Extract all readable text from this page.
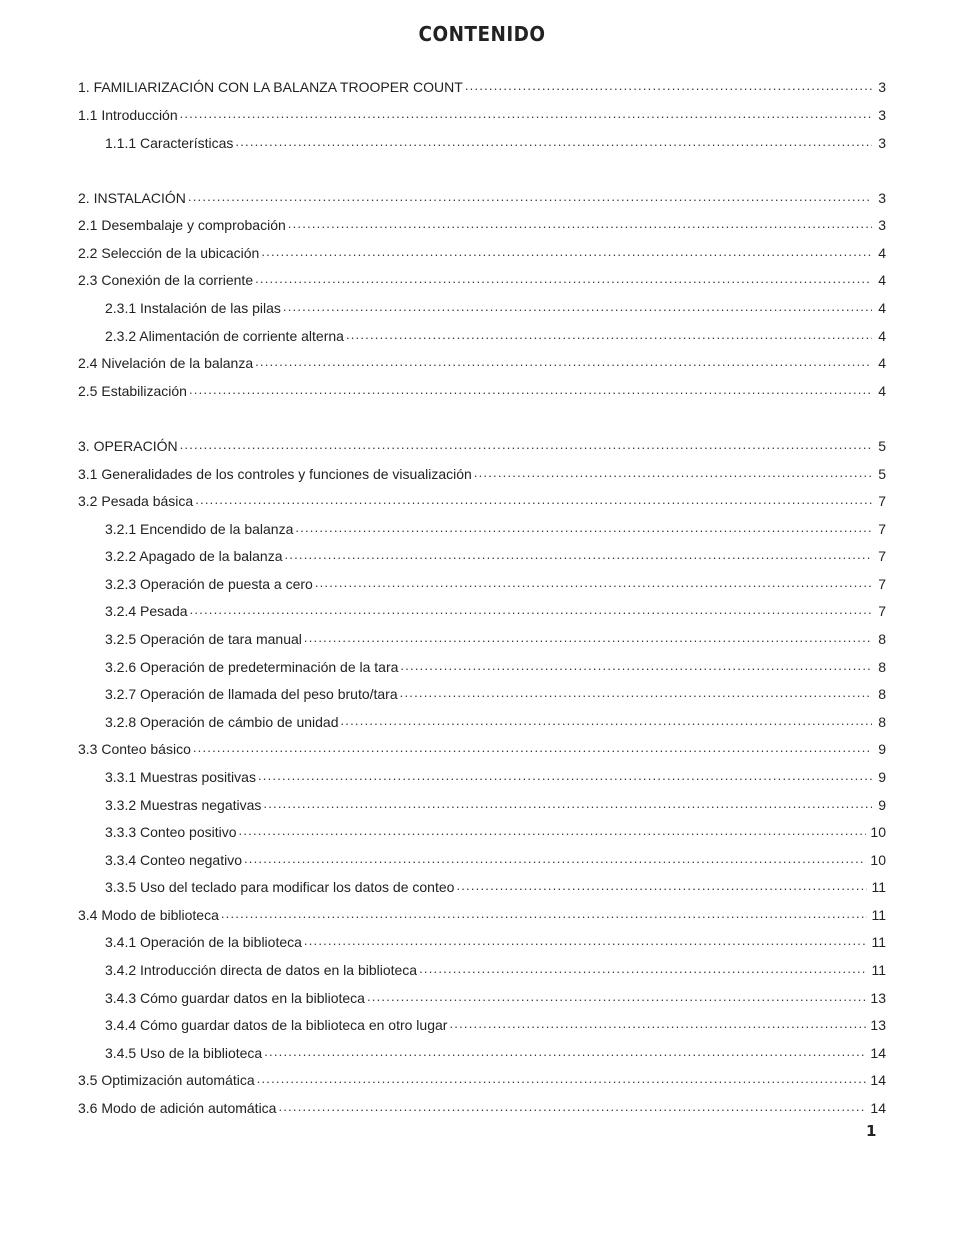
CONTENIDO
1. FAMILIARIZACIÓN CON LA BALANZA TROOPER COUNT .....	3
1.1 Introducción .....	3
1.1.1 Características .....	3
2. INSTALACIÓN .....	3
2.1 Desembalaje y comprobación .....	3
2.2 Selección de la ubicación .....	4
2.3 Conexión de la corriente .....	4
2.3.1 Instalación de las pilas .....	4
2.3.2 Alimentación de corriente alterna .....	4
2.4 Nivelación de la balanza .....	4
2.5 Estabilización .....	4
3. OPERACIÓN .....	5
3.1 Generalidades de los controles y funciones de visualización .....	5
3.2 Pesada básica .....	7
3.2.1 Encendido de la balanza .....	7
3.2.2 Apagado de la balanza .....	7
3.2.3 Operación de puesta a cero .....	7
3.2.4 Pesada .....	7
3.2.5 Operación de tara manual .....	8
3.2.6 Operación de predeterminación de la tara .....	8
3.2.7 Operación de llamada del peso bruto/tara .....	8
3.2.8 Operación de cámbio de unidad .....	8
3.3 Conteo básico .....	9
3.3.1 Muestras positivas .....	9
3.3.2 Muestras negativas .....	9
3.3.3 Conteo positivo .....	10
3.3.4 Conteo negativo .....	10
3.3.5 Uso del teclado para modificar los datos de conteo .....	11
3.4 Modo de biblioteca .....	11
3.4.1 Operación de la biblioteca .....	11
3.4.2 Introducción directa de datos en la biblioteca .....	11
3.4.3 Cómo guardar datos en la biblioteca .....	13
3.4.4 Cómo guardar datos de la biblioteca en otro lugar .....	13
3.4.5 Uso de la biblioteca .....	14
3.5 Optimización automática .....	14
3.6 Modo de adición automática .....	14
1
